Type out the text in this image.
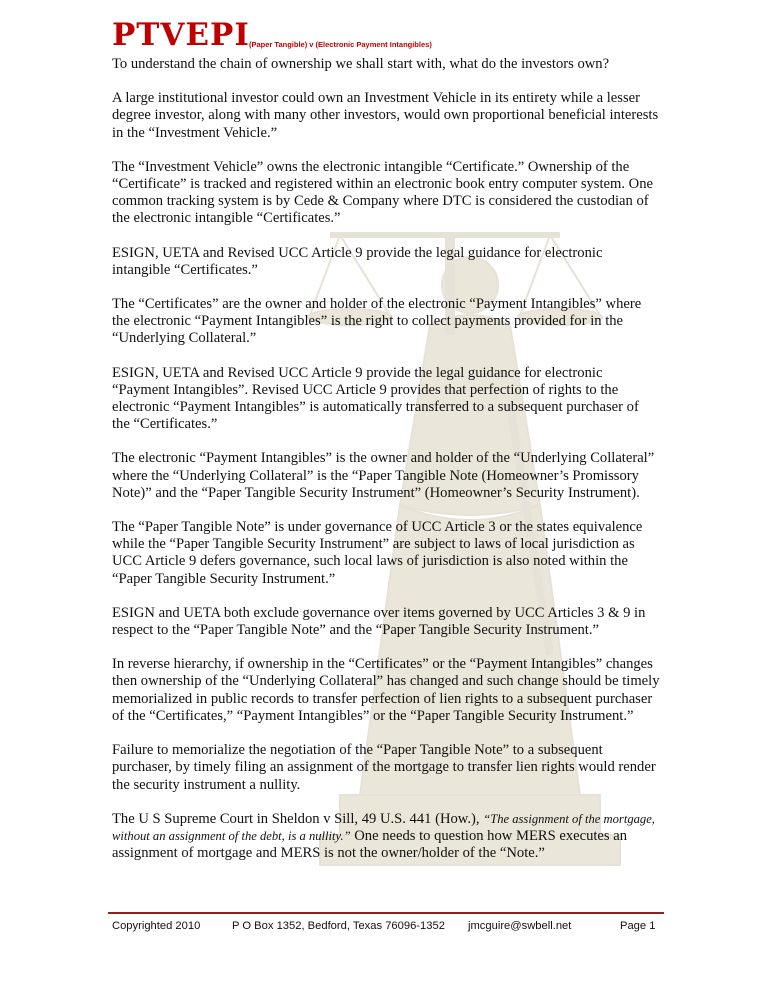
PTVEPI (Paper Tangible) v (Electronic Payment Intangibles)

To understand the chain of ownership we shall start with, what do the investors own?

A large institutional investor could own an Investment Vehicle in its entirety while a lesser degree investor, along with many other investors, would own proportional beneficial interests in the “Investment Vehicle.”

The “Investment Vehicle” owns the electronic intangible “Certificate.” Ownership of the “Certificate” is tracked and registered within an electronic book entry computer system. One common tracking system is by Cede & Company where DTC is considered the custodian of the electronic intangible “Certificates.”

ESIGN, UETA and Revised UCC Article 9 provide the legal guidance for electronic intangible “Certificates.”

The “Certificates” are the owner and holder of the electronic “Payment Intangibles” where the electronic “Payment Intangibles” is the right to collect payments provided for in the “Underlying Collateral.”

ESIGN, UETA and Revised UCC Article 9 provide the legal guidance for electronic “Payment Intangibles”. Revised UCC Article 9 provides that perfection of rights to the electronic “Payment Intangibles” is automatically transferred to a subsequent purchaser of the “Certificates.”

The electronic “Payment Intangibles” is the owner and holder of the “Underlying Collateral” where the “Underlying Collateral” is the “Paper Tangible Note (Homeowner’s Promissory Note)” and the “Paper Tangible Security Instrument” (Homeowner’s Security Instrument).

The “Paper Tangible Note” is under governance of UCC Article 3 or the states equivalence while the “Paper Tangible Security Instrument” are subject to laws of local jurisdiction as UCC Article 9 defers governance, such local laws of jurisdiction is also noted within the “Paper Tangible Security Instrument.”

ESIGN and UETA both exclude governance over items governed by UCC Articles 3 & 9 in respect to the “Paper Tangible Note” and the “Paper Tangible Security Instrument.”

In reverse hierarchy, if ownership in the “Certificates” or the “Payment Intangibles” changes then ownership of the “Underlying Collateral” has changed and such change should be timely memorialized in public records to transfer perfection of lien rights to a subsequent purchaser of the “Certificates,” “Payment Intangibles” or the “Paper Tangible Security Instrument.”

Failure to memorialize the negotiation of the “Paper Tangible Note” to a subsequent purchaser, by timely filing an assignment of the mortgage to transfer lien rights would render the security instrument a nullity.

The U S Supreme Court in Sheldon v Sill, 49 U.S. 441 (How.), “The assignment of the mortgage, without an assignment of the debt, is a nullity.” One needs to question how MERS executes an assignment of mortgage and MERS is not the owner/holder of the “Note.”

Copyrighted 2010	P O Box 1352, Bedford, Texas 76096-1352 jmcguire@swbell.net	Page 1
